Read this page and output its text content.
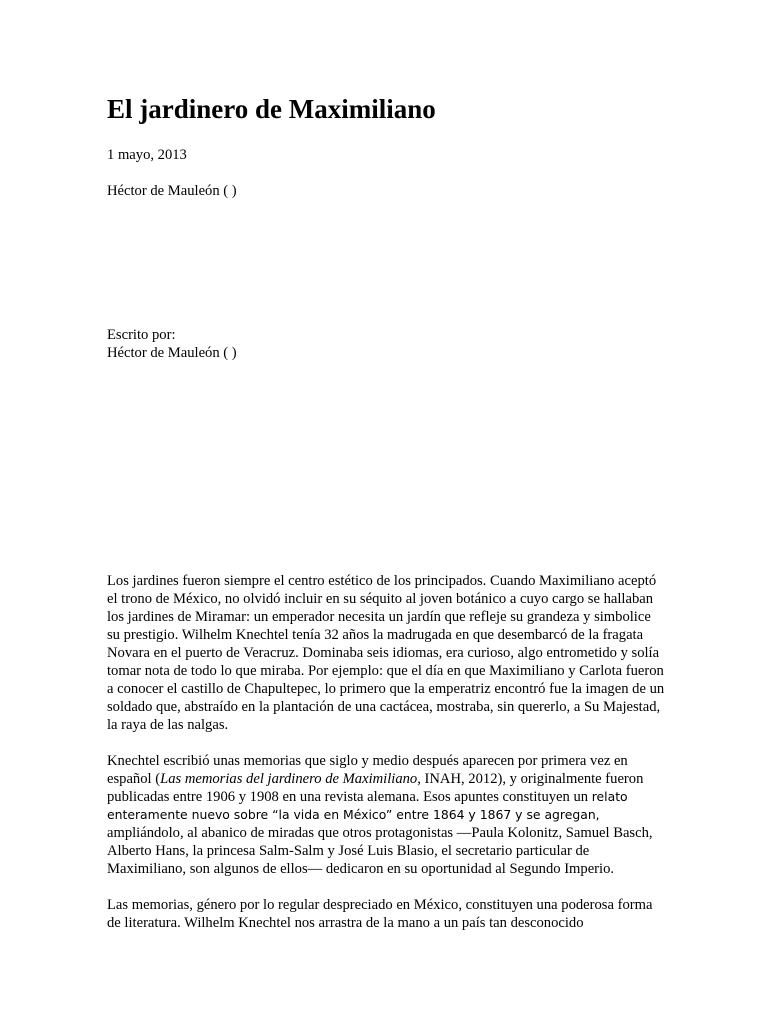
El jardinero de Maximiliano
1 mayo, 2013
Héctor de Mauleón ( )
Escrito por:
Héctor de Mauleón ( )

Los jardines fueron siempre el centro estético de los principados. Cuando Maximiliano aceptó el trono de México, no olvidó incluir en su séquito al joven botánico a cuyo cargo se hallaban los jardines de Miramar: un emperador necesita un jardín que refleje su grandeza y simbolice su prestigio. Wilhelm Knechtel tenía 32 años la madrugada en que desembarcó de la fragata Novara en el puerto de Veracruz. Dominaba seis idiomas, era curioso, algo entrometido y solía tomar nota de todo lo que miraba. Por ejemplo: que el día en que Maximiliano y Carlota fueron a conocer el castillo de Chapultepec, lo primero que la emperatriz encontró fue la imagen de un soldado que, abstraído en la plantación de una cactácea, mostraba, sin quererlo, a Su Majestad, la raya de las nalgas.

Knechtel escribió unas memorias que siglo y medio después aparecen por primera vez en español (Las memorias del jardinero de Maximiliano, INAH, 2012), y originalmente fueron publicadas entre 1906 y 1908 en una revista alemana. Esos apuntes constituyen un relato enteramente nuevo sobre “la vida en México” entre 1864 y 1867 y se agregan, ampliándolo, al abanico de miradas que otros protagonistas —Paula Kolonitz, Samuel Basch, Alberto Hans, la princesa Salm-Salm y José Luis Blasio, el secretario particular de Maximiliano, son algunos de ellos— dedicaron en su oportunidad al Segundo Imperio.

Las memorias, género por lo regular despreciado en México, constituyen una poderosa forma de literatura. Wilhelm Knechtel nos arrastra de la mano a un país tan desconocido
